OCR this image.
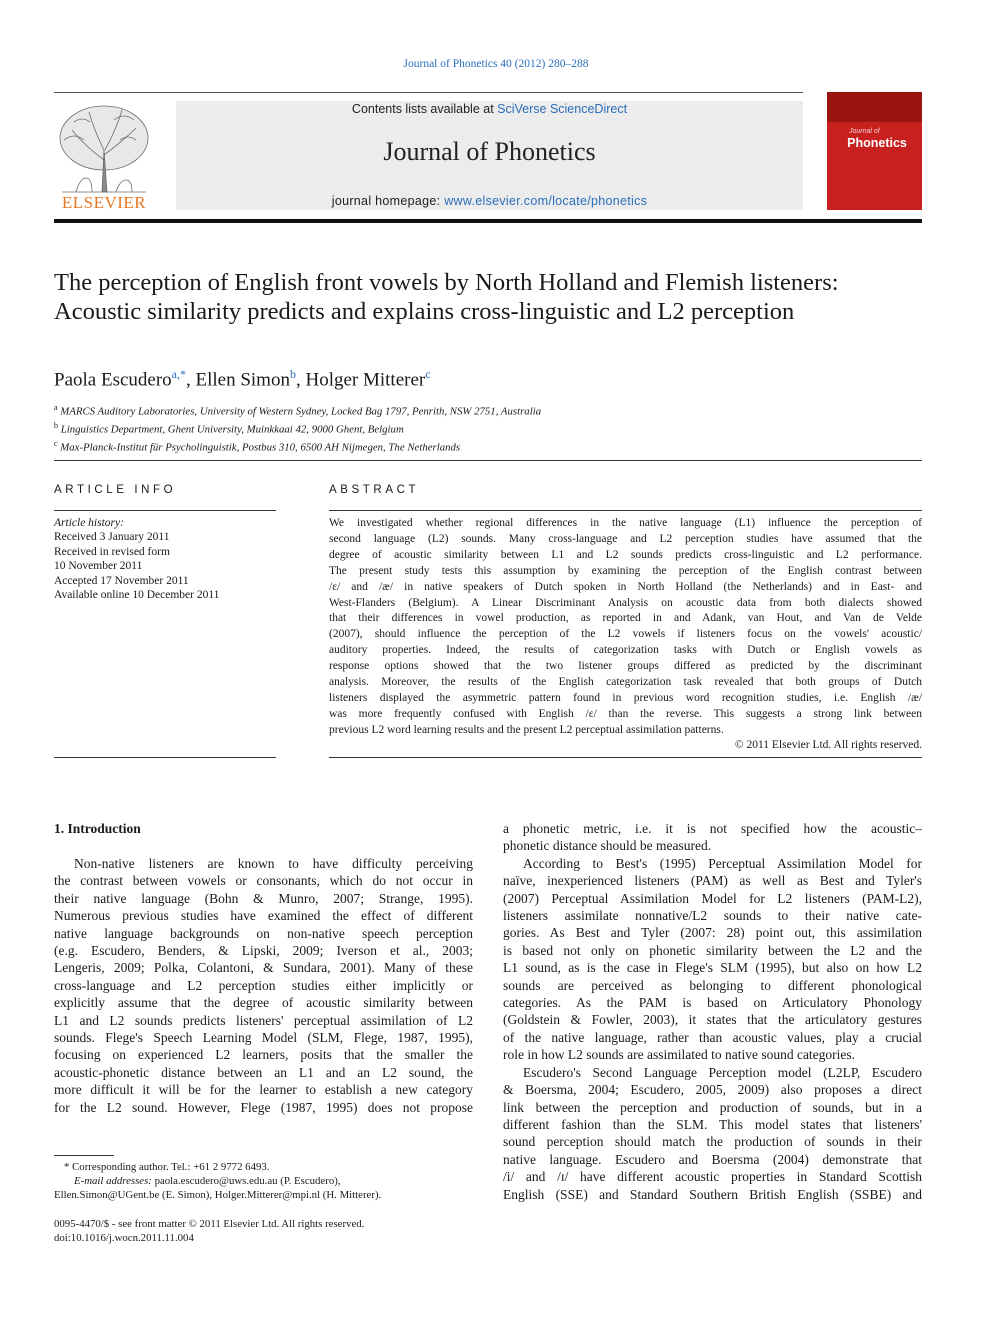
Journal of Phonetics 40 (2012) 280–288
ELSEVIER
Contents lists available at SciVerse ScienceDirect
Journal of Phonetics
journal homepage: www.elsevier.com/locate/phonetics
Journal of
Phonetics
The perception of English front vowels by North Holland and Flemish listeners: Acoustic similarity predicts and explains cross-linguistic and L2 perception
Paola Escudero$^{a,*}$, Ellen Simon$^b$, Holger Mitterer$^c$
$^a$ MARCS Auditory Laboratories, University of Western Sydney, Locked Bag 1797, Penrith, NSW 2751, Australia
$^b$ Linguistics Department, Ghent University, Muinkkaai 42, 9000 Ghent, Belgium
$^c$ Max-Planck-Institut für Psycholinguistik, Postbus 310, 6500 AH Nijmegen, The Netherlands
ARTICLE INFO
Article history:
Received 3 January 2011
Received in revised form
10 November 2011
Accepted 17 November 2011
Available online 10 December 2011
ABSTRACT
We investigated whether regional differences in the native language (L1) influence the perception of
second language (L2) sounds. Many cross-language and L2 perception studies have assumed that the
degree of acoustic similarity between L1 and L2 sounds predicts cross-linguistic and L2 performance.
The present study tests this assumption by examining the perception of the English contrast between
/ɛ/ and /æ/ in native speakers of Dutch spoken in North Holland (the Netherlands) and in East- and
West-Flanders (Belgium). A Linear Discriminant Analysis on acoustic data from both dialects showed
that their differences in vowel production, as reported in and Adank, van Hout, and Van de Velde
(2007), should influence the perception of the L2 vowels if listeners focus on the vowels' acoustic/
auditory properties. Indeed, the results of categorization tasks with Dutch or English vowels as
response options showed that the two listener groups differed as predicted by the discriminant
analysis. Moreover, the results of the English categorization task revealed that both groups of Dutch
listeners displayed the asymmetric pattern found in previous word recognition studies, i.e. English /æ/
was more frequently confused with English /ɛ/ than the reverse. This suggests a strong link between
previous L2 word learning results and the present L2 perceptual assimilation patterns.
© 2011 Elsevier Ltd. All rights reserved.
1. Introduction
Non-native listeners are known to have difficulty perceiving
the contrast between vowels or consonants, which do not occur in
their native language (Bohn & Munro, 2007; Strange, 1995).
Numerous previous studies have examined the effect of different
native language backgrounds on non-native speech perception
(e.g. Escudero, Benders, & Lipski, 2009; Iverson et al., 2003;
Lengeris, 2009; Polka, Colantoni, & Sundara, 2001). Many of these
cross-language and L2 perception studies either implicitly or
explicitly assume that the degree of acoustic similarity between
L1 and L2 sounds predicts listeners' perceptual assimilation of L2
sounds. Flege's Speech Learning Model (SLM, Flege, 1987, 1995),
focusing on experienced L2 learners, posits that the smaller the
acoustic-phonetic distance between an L1 and an L2 sound, the
more difficult it will be for the learner to establish a new category
for the L2 sound. However, Flege (1987, 1995) does not propose
a phonetic metric, i.e. it is not specified how the acoustic–
phonetic distance should be measured.
According to Best's (1995) Perceptual Assimilation Model for
naïve, inexperienced listeners (PAM) as well as Best and Tyler's
(2007) Perceptual Assimilation Model for L2 listeners (PAM-L2),
listeners assimilate nonnative/L2 sounds to their native cate-
gories. As Best and Tyler (2007: 28) point out, this assimilation
is based not only on phonetic similarity between the L2 and the
L1 sound, as is the case in Flege's SLM (1995), but also on how L2
sounds are perceived as belonging to different phonological
categories. As the PAM is based on Articulatory Phonology
(Goldstein & Fowler, 2003), it states that the articulatory gestures
of the native language, rather than acoustic values, play a crucial
role in how L2 sounds are assimilated to native sound categories.
Escudero's Second Language Perception model (L2LP, Escudero
& Boersma, 2004; Escudero, 2005, 2009) also proposes a direct
link between the perception and production of sounds, but in a
different fashion than the SLM. This model states that listeners'
sound perception should match the production of sounds in their
native language. Escudero and Boersma (2004) demonstrate that
/i/ and /ɪ/ have different acoustic properties in Standard Scottish
English (SSE) and Standard Southern British English (SSBE) and
* Corresponding author. Tel.: +61 2 9772 6493.
E-mail addresses: paola.escudero@uws.edu.au (P. Escudero),
Ellen.Simon@UGent.be (E. Simon), Holger.Mitterer@mpi.nl (H. Mitterer).
0095-4470/$ - see front matter © 2011 Elsevier Ltd. All rights reserved.
doi:10.1016/j.wocn.2011.11.004
